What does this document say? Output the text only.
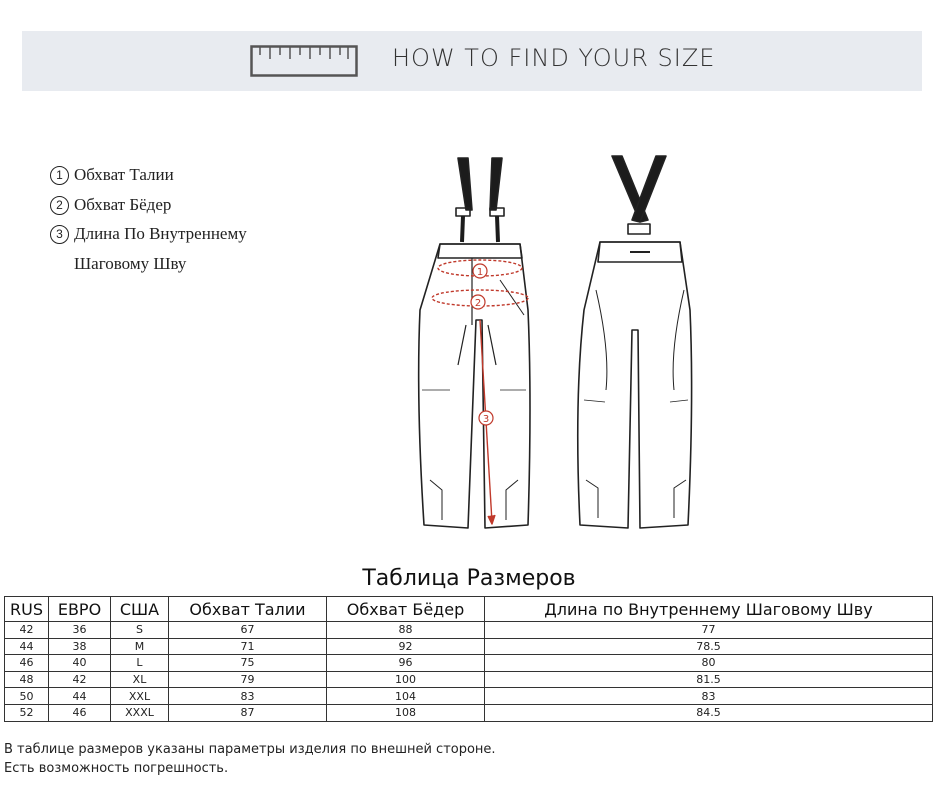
HOW TO FIND YOUR SIZE
1 Обхват Талии
2 Обхват Бёдер
3 Длина По Внутреннему
Шаговому Шву	1
2
3
Таблица Размеров
RUS	ЕВРО	США	Обхват Талии	Обхват Бёдер	Длина по Внутреннему Шаговому Шву
42	36	S	67	88	77
44	38	M	71	92	78.5
46	40	L	75	96	80
48	42	XL	79	100	81.5
50	44	XXL	83	104	83
52	46	XXXL	87	108	84.5
В таблице размеров указаны параметры изделия по внешней стороне.
Есть возможность погрешность.
